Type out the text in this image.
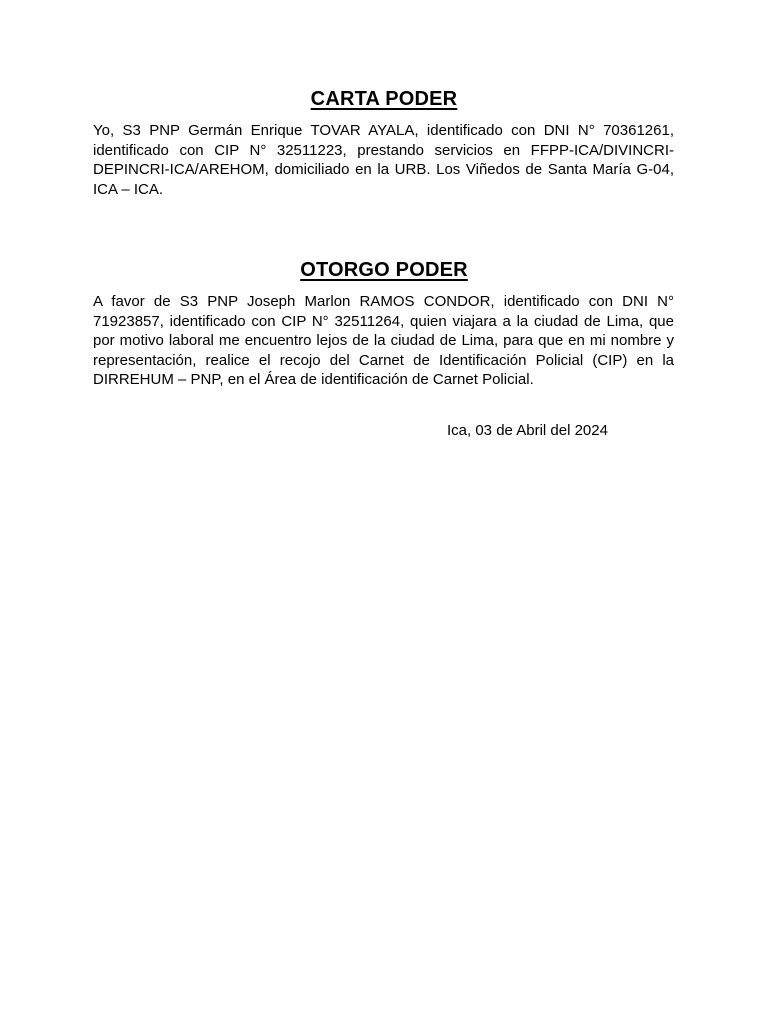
CARTA PODER

Yo, S3 PNP Germán Enrique TOVAR AYALA, identificado con DNI N° 70361261, identificado con CIP N° 32511223, prestando servicios en FFPP-ICA/DIVINCRI-DEPINCRI-ICA/AREHOM, domiciliado en la URB. Los Viñedos de Santa María G-04, ICA – ICA.

OTORGO PODER

A favor de S3 PNP Joseph Marlon RAMOS CONDOR, identificado con DNI N° 71923857, identificado con CIP N° 32511264, quien viajara a la ciudad de Lima, que por motivo laboral me encuentro lejos de la ciudad de Lima, para que en mi nombre y representación, realice el recojo del Carnet de Identificación Policial (CIP) en la DIRREHUM – PNP, en el Área de identificación de Carnet Policial.

Ica, 03 de Abril del 2024
